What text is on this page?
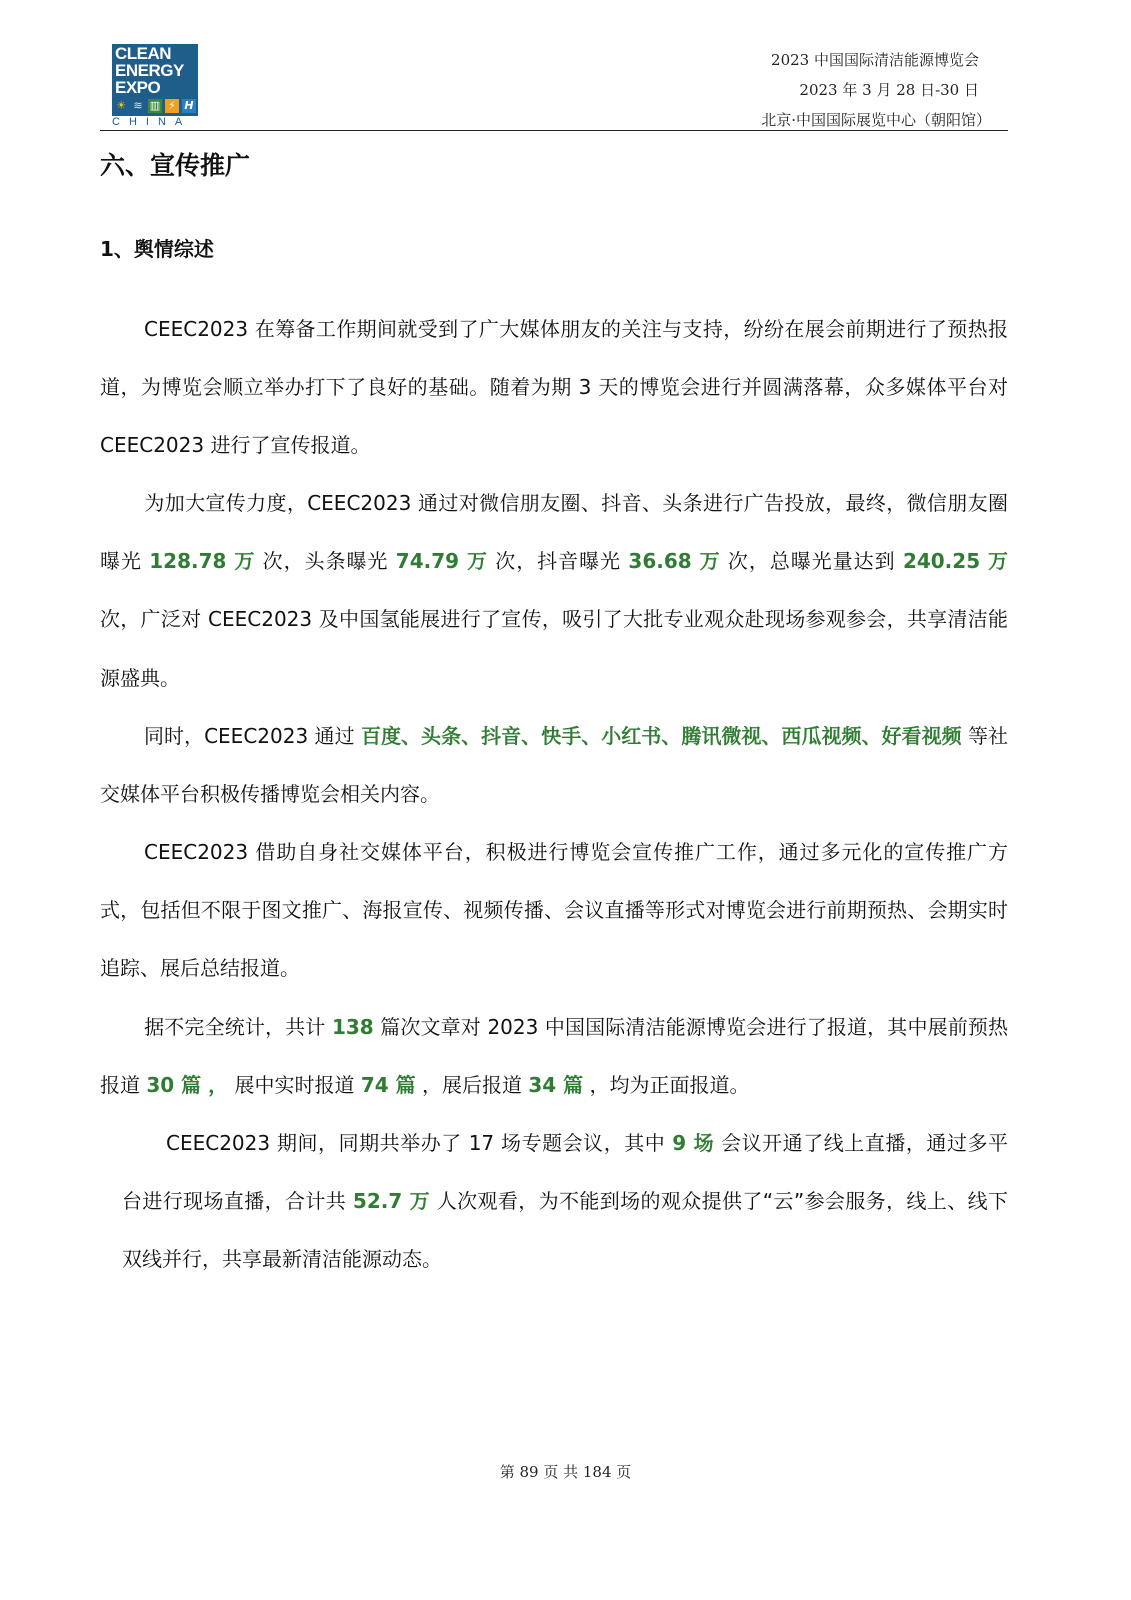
CLEAN
ENERGY
EXPO
☀ ≋ ▥ ⚡ H
CHINA
2023 中国国际清洁能源博览会
2023 年 3 月 28 日-30 日
北京·中国国际展览中心（朝阳馆）
六、宣传推广
1、舆情综述
CEEC2023 在筹备工作期间就受到了广大媒体朋友的关注与支持，纷纷在展会前期进行了预热报道，为博览会顺立举办打下了良好的基础。随着为期 3 天的博览会进行并圆满落幕，众多媒体平台对 CEEC2023 进行了宣传报道。
为加大宣传力度，CEEC2023 通过对微信朋友圈、抖音、头条进行广告投放，最终，微信朋友圈曝光 128.78 万 次，头条曝光 74.79 万 次，抖音曝光 36.68 万 次，总曝光量达到 240.25 万 次，广泛对 CEEC2023 及中国氢能展进行了宣传，吸引了大批专业观众赴现场参观参会，共享清洁能源盛典。
同时，CEEC2023 通过 百度、头条、抖音、快手、小红书、腾讯微视、西瓜视频、好看视频 等社交媒体平台积极传播博览会相关内容。
CEEC2023 借助自身社交媒体平台，积极进行博览会宣传推广工作，通过多元化的宣传推广方式，包括但不限于图文推广、海报宣传、视频传播、会议直播等形式对博览会进行前期预热、会期实时追踪、展后总结报道。
据不完全统计，共计 138 篇次文章对 2023 中国国际清洁能源博览会进行了报道，其中展前预热报道 30 篇 ， 展中实时报道 74 篇 ，展后报道 34 篇 ，均为正面报道。
CEEC2023 期间，同期共举办了 17 场专题会议，其中 9 场 会议开通了线上直播，通过多平台进行现场直播，合计共 52.7 万 人次观看，为不能到场的观众提供了“云”参会服务，线上、线下双线并行，共享最新清洁能源动态。
第 89 页 共 184 页
